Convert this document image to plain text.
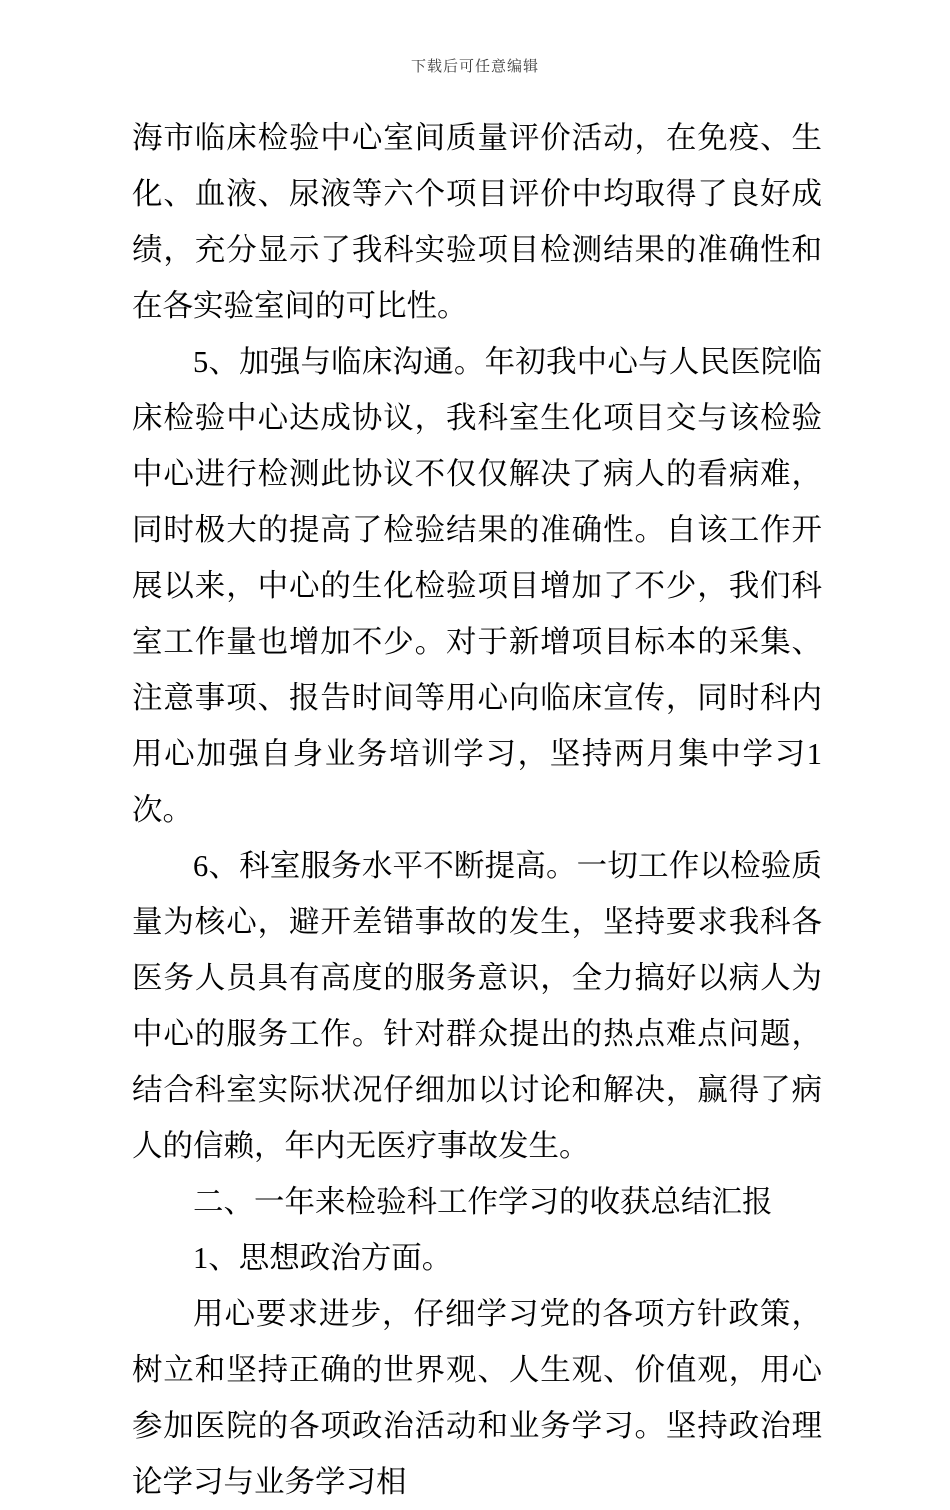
下载后可任意编辑

海市临床检验中心室间质量评价活动，在免疫、生化、血液、尿液等六个项目评价中均取得了良好成绩，充分显示了我科实验项目检测结果的准确性和在各实验室间的可比性。

5、加强与临床沟通。年初我中心与人民医院临床检验中心达成协议，我科室生化项目交与该检验中心进行检测此协议不仅仅解决了病人的看病难，同时极大的提高了检验结果的准确性。自该工作开展以来，中心的生化检验项目增加了不少，我们科室工作量也增加不少。对于新增项目标本的采集、注意事项、报告时间等用心向临床宣传，同时科内用心加强自身业务培训学习，坚持两月集中学习1次。

6、科室服务水平不断提高。一切工作以检验质量为核心，避开差错事故的发生，坚持要求我科各医务人员具有高度的服务意识，全力搞好以病人为中心的服务工作。针对群众提出的热点难点问题，结合科室实际状况仔细加以讨论和解决，赢得了病人的信赖，年内无医疗事故发生。

二、一年来检验科工作学习的收获总结汇报

1、思想政治方面。

用心要求进步，仔细学习党的各项方针政策，树立和坚持正确的世界观、人生观、价值观，用心参加医院的各项政治活动和业务学习。坚持政治理论学习与业务学习相
